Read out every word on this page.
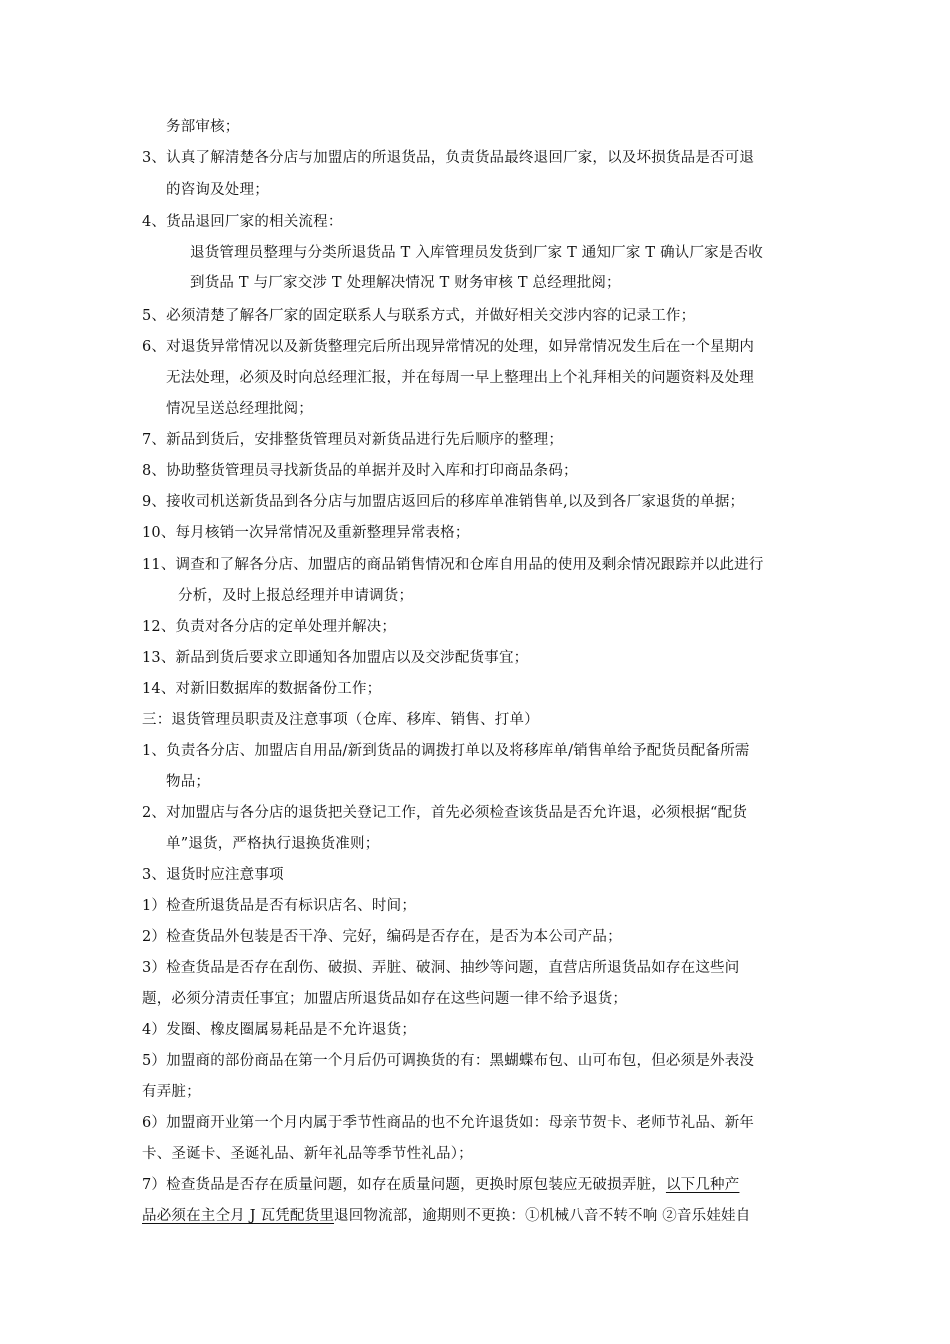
务部审核；
3、认真了解清楚各分店与加盟店的所退货品，负责货品最终退回厂家，以及坏损货品是否可退
的咨询及处理；
4、货品退回厂家的相关流程：
退货管理员整理与分类所退货品 T 入库管理员发货到厂家 T 通知厂家 T 确认厂家是否收
到货品 T 与厂家交涉 T 处理解决情况 T 财务审核 T 总经理批阅；
5、必须清楚了解各厂家的固定联系人与联系方式，并做好相关交涉内容的记录工作；
6、对退货异常情况以及新货整理完后所出现异常情况的处理，如异常情况发生后在一个星期内
无法处理，必须及时向总经理汇报，并在每周一早上整理出上个礼拜相关的问题资料及处理
情况呈送总经理批阅；
7、新品到货后，安排整货管理员对新货品进行先后顺序的整理；
8、协助整货管理员寻找新货品的单据并及时入库和打印商品条码；
9、接收司机送新货品到各分店与加盟店返回后的移库单准销售单,以及到各厂家退货的单据；
10、每月核销一次异常情况及重新整理异常表格；
11、调查和了解各分店、加盟店的商品销售情况和仓库自用品的使用及剩余情况跟踪并以此进行
分析，及时上报总经理并申请调货；
12、负责对各分店的定单处理并解决；
13、新品到货后要求立即通知各加盟店以及交涉配货事宜；
14、对新旧数据库的数据备份工作；
三：退货管理员职责及注意事项（仓库、移库、销售、打单）
1、负责各分店、加盟店自用品/新到货品的调拨打单以及将移库单/销售单给予配货员配备所需
物品；
2、对加盟店与各分店的退货把关登记工作，首先必须检查该货品是否允许退，必须根据“配货
单”退货，严格执行退换货准则；
3、退货时应注意事项
1）检查所退货品是否有标识店名、时间；
2）检查货品外包装是否干净、完好，编码是否存在，是否为本公司产品；
3）检查货品是否存在刮伤、破损、弄脏、破洞、抽纱等问题，直营店所退货品如存在这些问
题，必须分清责任事宜；加盟店所退货品如存在这些问题一律不给予退货；
4）发圈、橡皮圈属易耗品是不允许退货；
5）加盟商的部份商品在第一个月后仍可调换货的有：黑蝴蝶布包、山可布包，但必须是外表没
有弄脏；
6）加盟商开业第一个月内属于季节性商品的也不允许退货如：母亲节贺卡、老师节礼品、新年
卡、圣诞卡、圣诞礼品、新年礼品等季节性礼品）；
7）检查货品是否存在质量问题，如存在质量问题，更换时原包装应无破损弄脏，以下几种产
品必须在主仝月 J 瓦凭配货里退回物流部，逾期则不更换：①机械八音不转不响 ②音乐娃娃自
